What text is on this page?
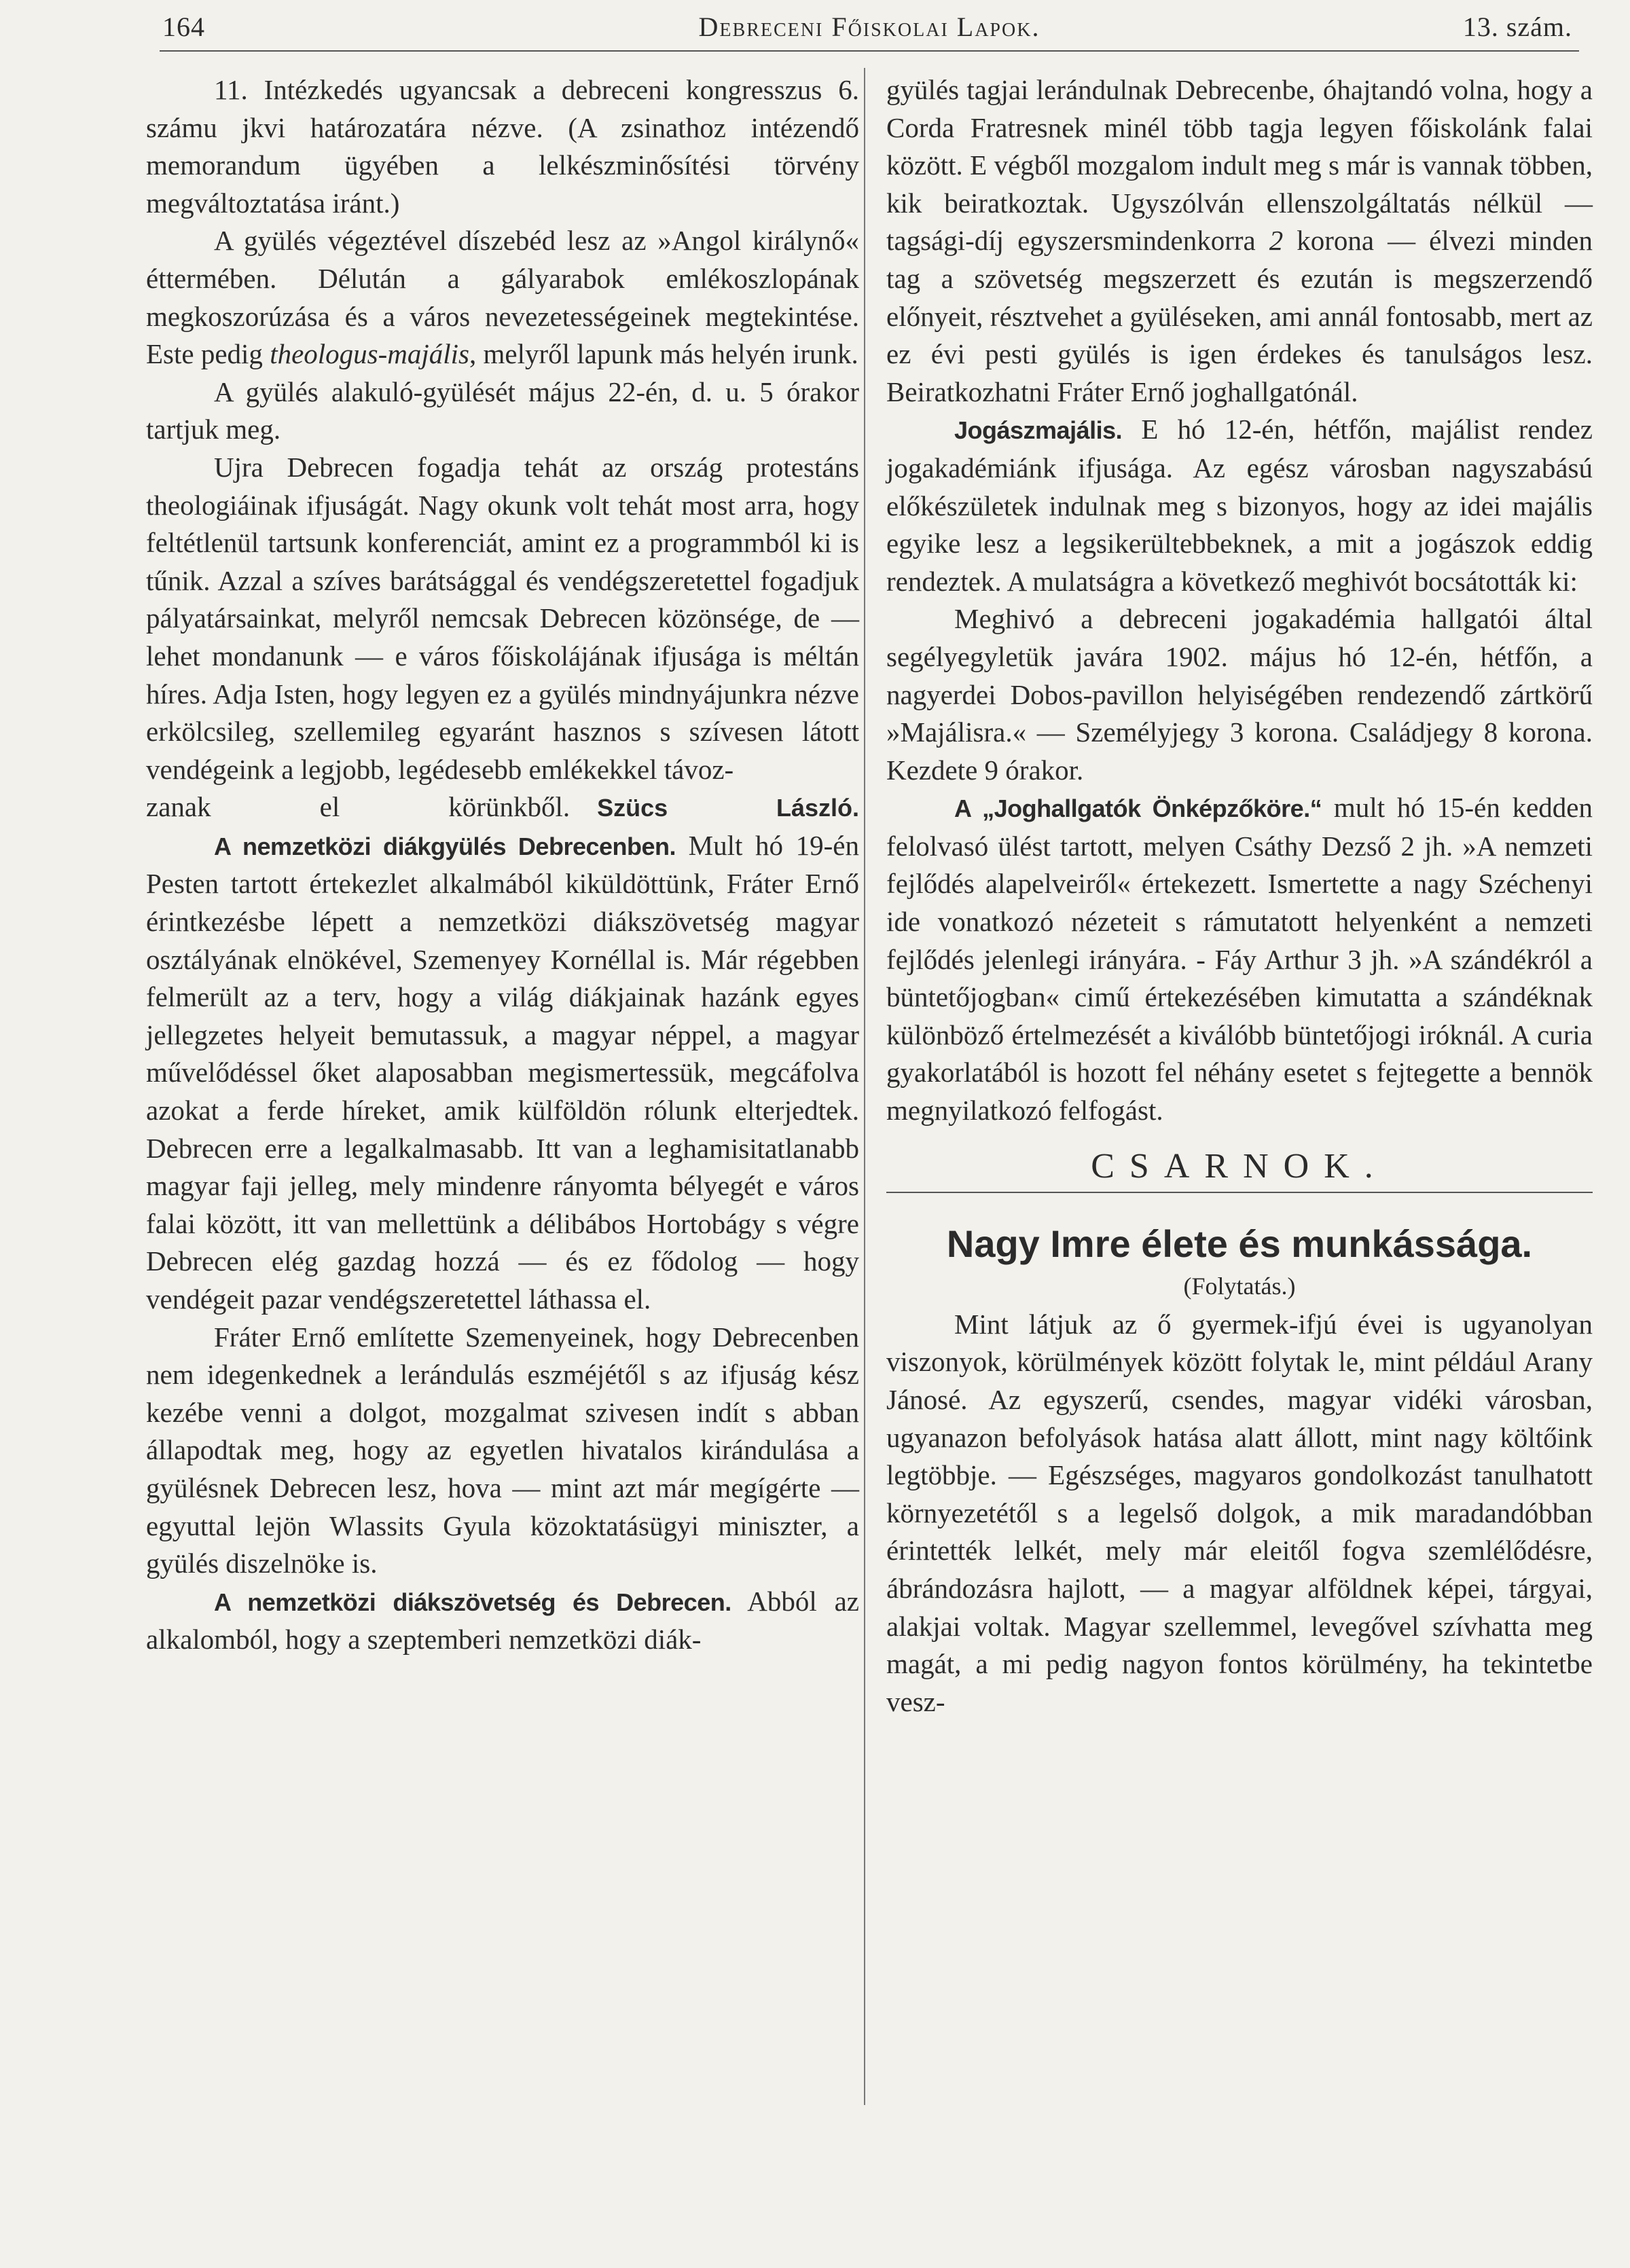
164	Debreceni Főiskolai Lapok.	13. szám.

11. Intézkedés ugyancsak a debreceni kongresszus 6. számu jkvi határozatára nézve. (A zsinathoz intézendő memorandum ügyében a lelkészminősítési törvény megváltoztatása iránt.)

A gyülés végeztével díszebéd lesz az »Angol királynő« éttermében. Délután a gályarabok emlékoszlopának megkoszorúzása és a város nevezetességeinek megtekintése. Este pedig theologus-majális, melyről lapunk más helyén irunk.

A gyülés alakuló-gyülését május 22-én, d. u. 5 órakor tartjuk meg.

Ujra Debrecen fogadja tehát az ország protestáns theologiáinak ifjuságát. Nagy okunk volt tehát most arra, hogy feltétlenül tartsunk konferenciát, amint ez a programmból ki is tűnik. Azzal a szíves barátsággal és vendégszeretettel fogadjuk pályatársainkat, melyről nemcsak Debrecen közönsége, de — lehet mondanunk — e város főiskolájának ifjusága is méltán híres. Adja Isten, hogy legyen ez a gyülés mindnyájunkra nézve erkölcsileg, szellemileg egyaránt hasznos s szívesen látott vendégeink a legjobb, legédesebb emlékekkel távoz-

zanak el körünkből. Szücs László.

A nemzetközi diákgyülés Debrecenben. Mult hó 19-én Pesten tartott értekezlet alkalmából kiküldöttünk, Fráter Ernő érintkezésbe lépett a nemzetközi diákszövetség magyar osztályának elnökével, Szemenyey Kornéllal is. Már régebben felmerült az a terv, hogy a világ diákjainak hazánk egyes jellegzetes helyeit bemutassuk, a magyar néppel, a magyar művelődéssel őket alaposabban megismertessük, megcáfolva azokat a ferde híreket, amik külföldön rólunk elterjedtek. Debrecen erre a legalkalmasabb. Itt van a leghamisitatlanabb magyar faji jelleg, mely mindenre rányomta bélyegét e város falai között, itt van mellettünk a délibábos Hortobágy s végre Debrecen elég gazdag hozzá — és ez fődolog — hogy vendégeit pazar vendégszeretettel láthassa el.

Fráter Ernő említette Szemenyeinek, hogy Debrecenben nem idegenkednek a lerándulás eszméjétől s az ifjuság kész kezébe venni a dolgot, mozgalmat szivesen indít s abban állapodtak meg, hogy az egyetlen hivatalos kirándulása a gyülésnek Debrecen lesz, hova — mint azt már megígérte — egyuttal lejön Wlassits Gyula közoktatásügyi miniszter, a gyülés diszelnöke is.

A nemzetközi diákszövetség és Debrecen. Abból az alkalomból, hogy a szeptemberi nemzetközi diák-

gyülés tagjai lerándulnak Debrecenbe, óhajtandó volna, hogy a Corda Fratresnek minél több tagja legyen főiskolánk falai között. E végből mozgalom indult meg s már is vannak többen, kik beiratkoztak. Ugyszólván ellenszolgáltatás nélkül — tagsági-díj egyszersmindenkorra 2 korona — élvezi minden tag a szövetség megszerzett és ezután is megszerzendő előnyeit, résztvehet a gyüléseken, ami annál fontosabb, mert az ez évi pesti gyülés is igen érdekes és tanulságos lesz. Beiratkozhatni Fráter Ernő joghallgatónál.

Jogászmajális. E hó 12-én, hétfőn, majálist rendez jogakadémiánk ifjusága. Az egész városban nagyszabású előkészületek indulnak meg s bizonyos, hogy az idei majális egyike lesz a legsikerültebbeknek, a mit a jogászok eddig rendeztek. A mulatságra a következő meghivót bocsátották ki:

Meghivó a debreceni jogakadémia hallgatói által segélyegyletük javára 1902. május hó 12-én, hétfőn, a nagyerdei Dobos-pavillon helyiségében rendezendő zártkörű »Majálisra.« — Személyjegy 3 korona. Családjegy 8 korona. Kezdete 9 órakor.

A „Joghallgatók Önképzőköre.“ mult hó 15-én kedden felolvasó ülést tartott, melyen Csáthy Dezső 2 jh. »A nemzeti fejlődés alapelveiről« értekezett. Ismertette a nagy Széchenyi ide vonatkozó nézeteit s rámutatott helyenként a nemzeti fejlődés jelenlegi irányára. - Fáy Arthur 3 jh. »A szándékról a büntetőjogban« cimű értekezésében kimutatta a szándéknak különböző értelmezését a kiválóbb büntetőjogi iróknál. A curia gyakorlatából is hozott fel néhány esetet s fejtegette a bennök megnyilatkozó felfogást.

CSARNOK.

Nagy Imre élete és munkássága.

(Folytatás.)

Mint látjuk az ő gyermek-ifjú évei is ugyanolyan viszonyok, körülmények között folytak le, mint például Arany Jánosé. Az egyszerű, csendes, magyar vidéki városban, ugyanazon befolyások hatása alatt állott, mint nagy költőink legtöbbje. — Egészséges, magyaros gondolkozást tanulhatott környezetétől s a legelső dolgok, a mik maradandóbban érintették lelkét, mely már eleitől fogva szemlélődésre, ábrándozásra hajlott, — a magyar alföldnek képei, tárgyai, alakjai voltak. Magyar szellemmel, levegővel szívhatta meg magát, a mi pedig nagyon fontos körülmény, ha tekintetbe vesz-
